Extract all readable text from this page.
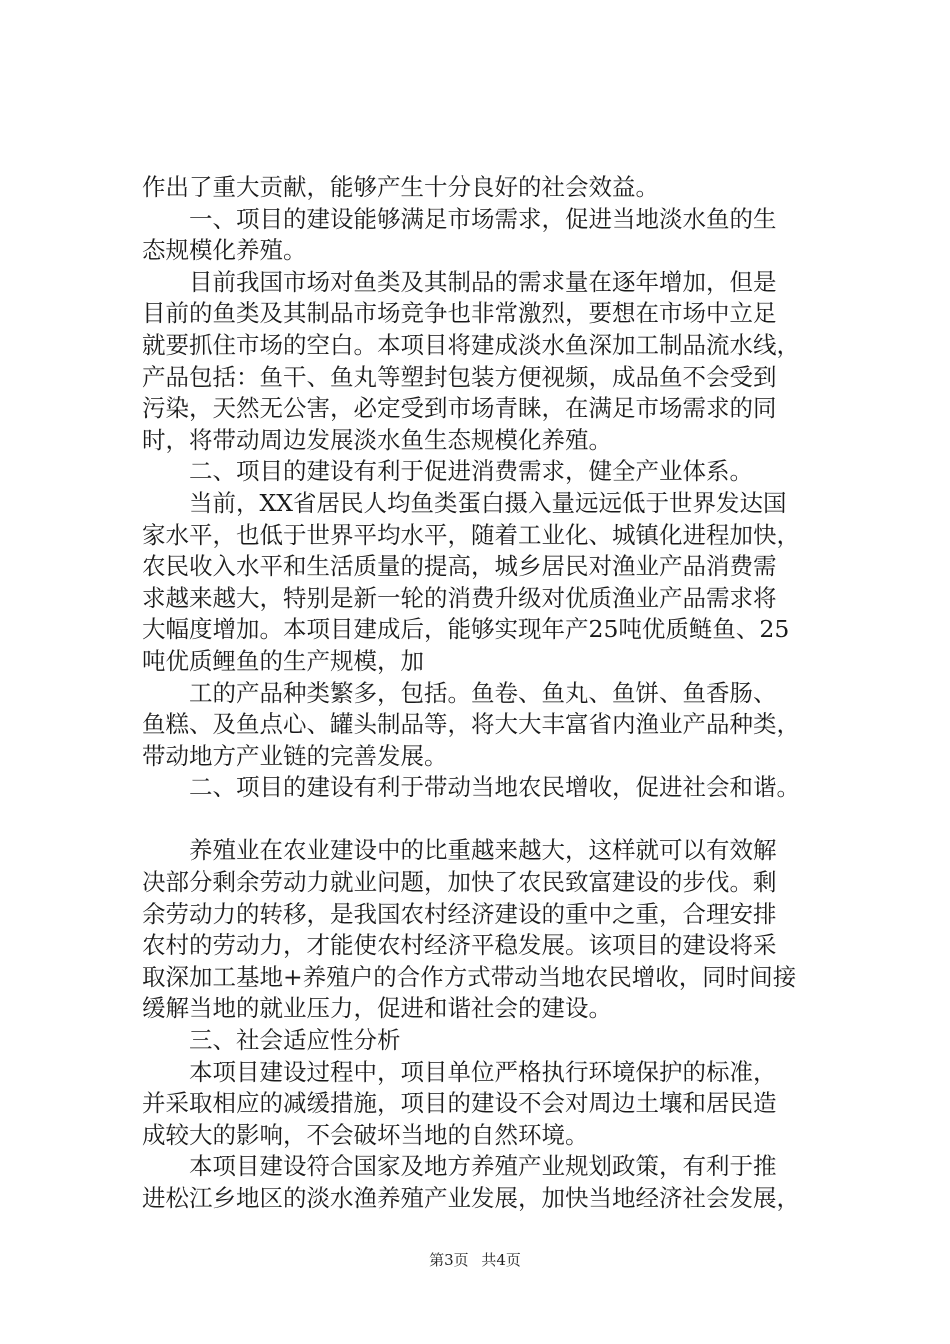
作出了重大贡献，能够产生十分良好的社会效益。
一、项目的建设能够满足市场需求，促进当地淡水鱼的生
态规模化养殖。
目前我国市场对鱼类及其制品的需求量在逐年增加，但是
目前的鱼类及其制品市场竞争也非常激烈，要想在市场中立足
就要抓住市场的空白。本项目将建成淡水鱼深加工制品流水线，
产品包括：鱼干、鱼丸等塑封包装方便视频，成品鱼不会受到
污染，天然无公害，必定受到市场青睐，在满足市场需求的同
时，将带动周边发展淡水鱼生态规模化养殖。
二、项目的建设有利于促进消费需求，健全产业体系。
当前，XX省居民人均鱼类蛋白摄入量远远低于世界发达国
家水平，也低于世界平均水平，随着工业化、城镇化进程加快，
农民收入水平和生活质量的提高，城乡居民对渔业产品消费需
求越来越大，特别是新一轮的消费升级对优质渔业产品需求将
大幅度增加。本项目建成后，能够实现年产25吨优质鲢鱼、25
吨优质鲤鱼的生产规模，加
工的产品种类繁多，包括。鱼卷、鱼丸、鱼饼、鱼香肠、
鱼糕、及鱼点心、罐头制品等，将大大丰富省内渔业产品种类，
带动地方产业链的完善发展。
二、项目的建设有利于带动当地农民增收，促进社会和谐。
养殖业在农业建设中的比重越来越大，这样就可以有效解
决部分剩余劳动力就业问题，加快了农民致富建设的步伐。剩
余劳动力的转移，是我国农村经济建设的重中之重，合理安排
农村的劳动力，才能使农村经济平稳发展。该项目的建设将采
取深加工基地+养殖户的合作方式带动当地农民增收，同时间接
缓解当地的就业压力，促进和谐社会的建设。
三、社会适应性分析
本项目建设过程中，项目单位严格执行环境保护的标准，
并采取相应的减缓措施，项目的建设不会对周边土壤和居民造
成较大的影响，不会破坏当地的自然环境。
本项目建设符合国家及地方养殖产业规划政策，有利于推
进松江乡地区的淡水渔养殖产业发展，加快当地经济社会发展，
第3页 共4页
